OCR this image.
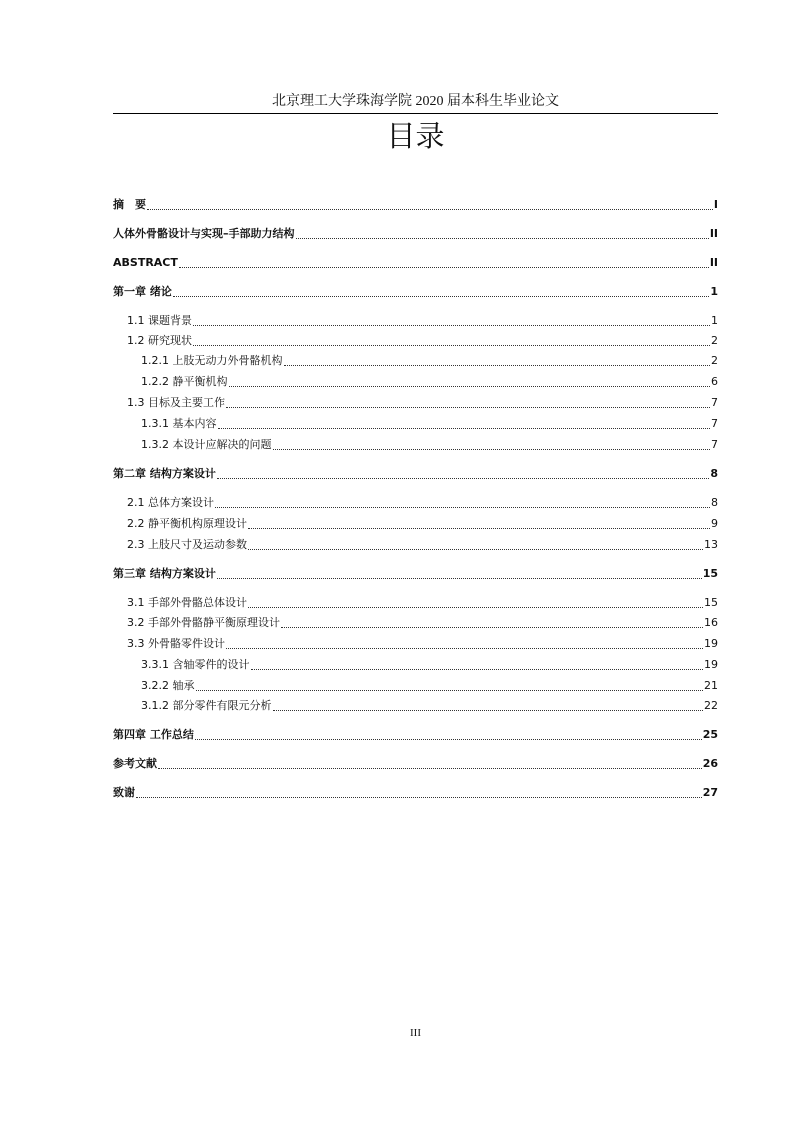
北京理工大学珠海学院 2020 届本科生毕业论文
目录
摘　要	I
人体外骨骼设计与实现–手部助力结构	II
ABSTRACT	II
第一章 绪论	1
1.1 课题背景	1
1.2 研究现状	2
1.2.1 上肢无动力外骨骼机构	2
1.2.2 静平衡机构	6
1.3 目标及主要工作	7
1.3.1 基本内容	7
1.3.2 本设计应解决的问题	7
第二章 结构方案设计	8
2.1 总体方案设计	8
2.2 静平衡机构原理设计	9
2.3 上肢尺寸及运动参数	13
第三章 结构方案设计	15
3.1 手部外骨骼总体设计	15
3.2 手部外骨骼静平衡原理设计	16
3.3 外骨骼零件设计	19
3.3.1 含轴零件的设计	19
3.2.2 轴承	21
3.1.2 部分零件有限元分析	22
第四章 工作总结	25
参考文献	26
致谢	27
III
